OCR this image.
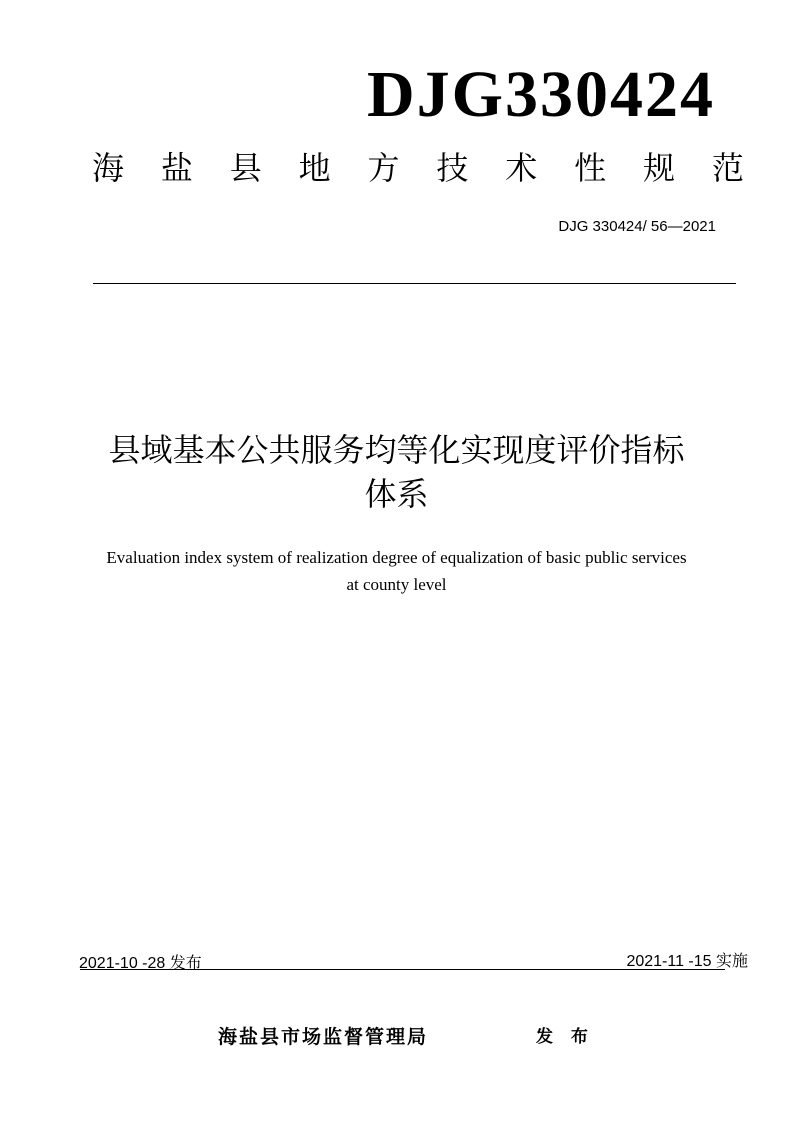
DJG330424
海 盐 县 地 方 技 术 性 规 范
DJG 330424/ 56—2021
县域基本公共服务均等化实现度评价指标
体系
Evaluation index system of realization degree of equalization of basic public services
at county level
2021-10 -28 发布	2021-11 -15 实施
海盐县市场监督管理局	发 布
